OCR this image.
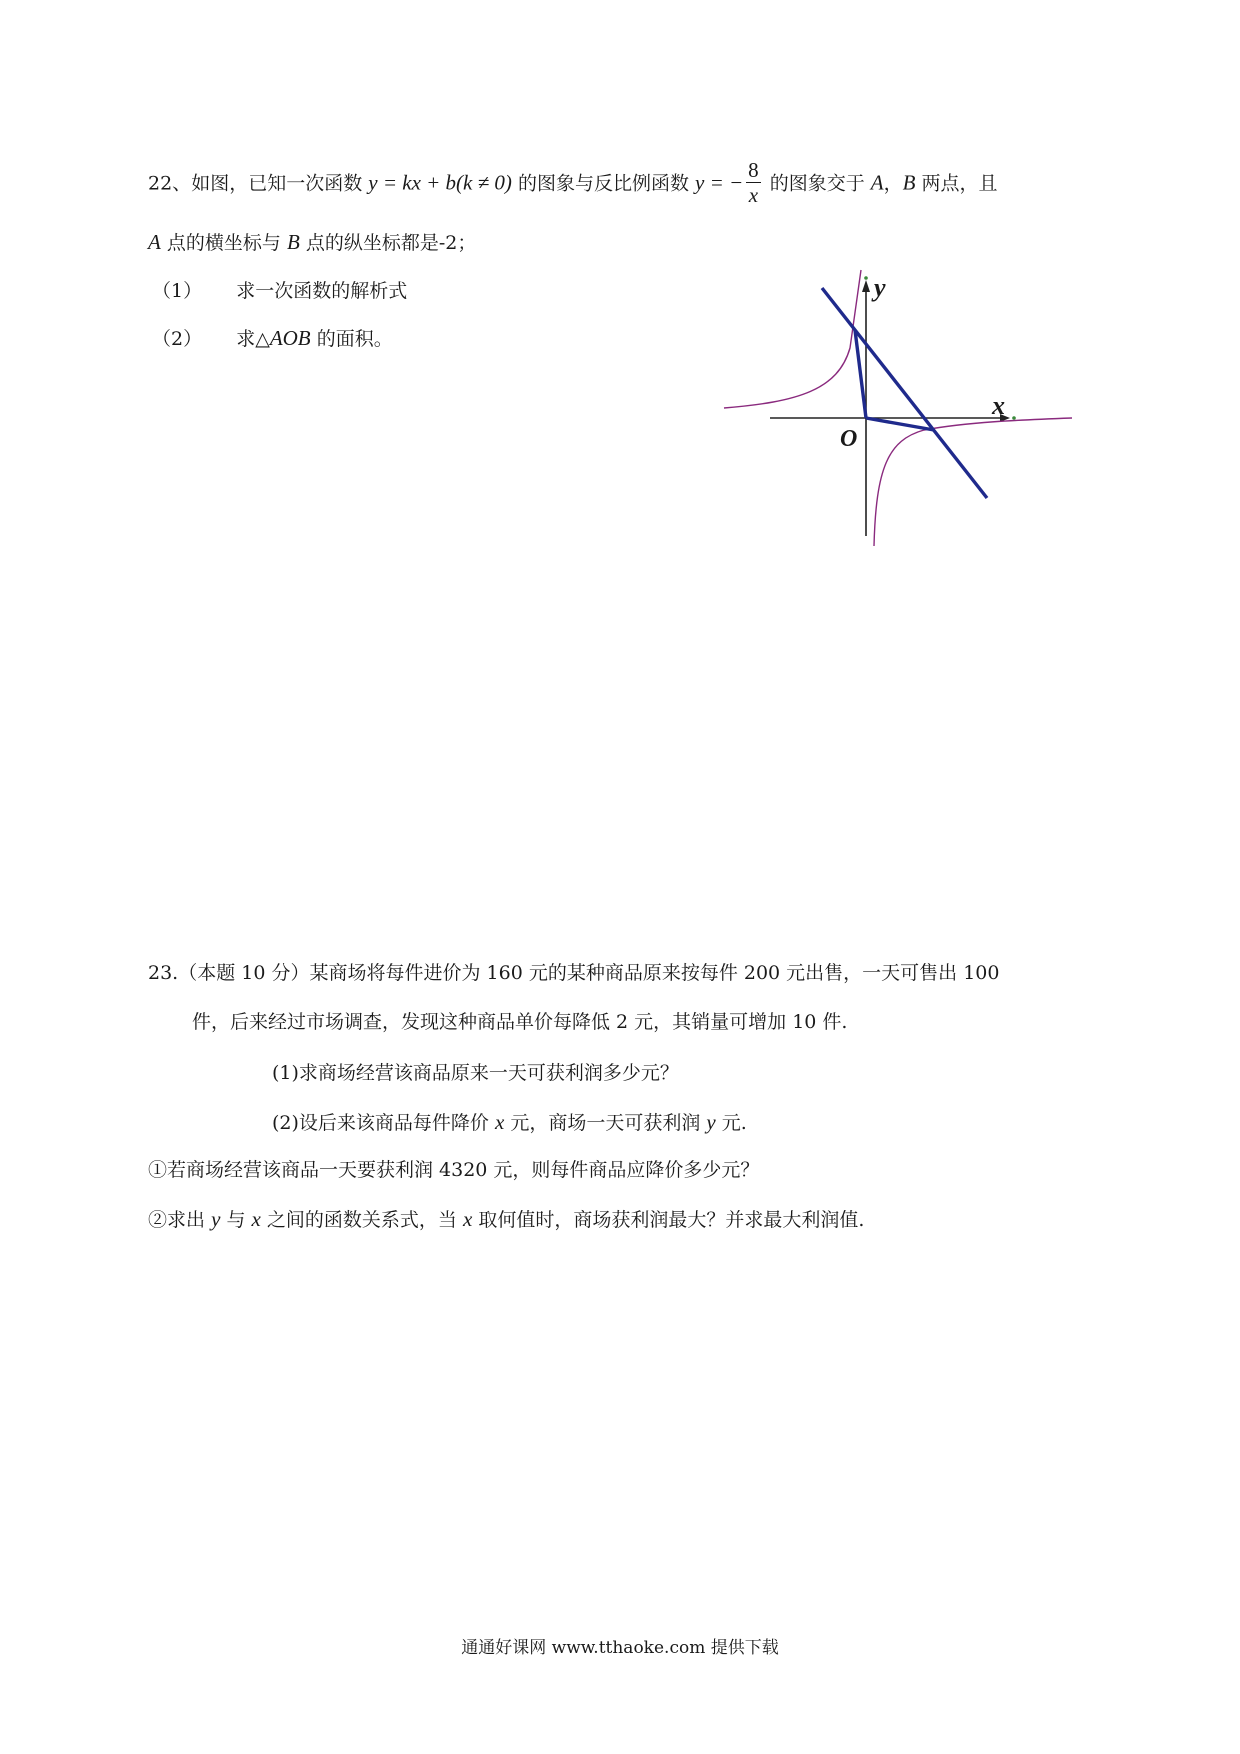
22、如图，已知一次函数 y = kx + b(k ≠ 0) 的图象与反比例函数 y = − $\frac{8}{x}$ 的图象交于 A，B 两点，且
A 点的横坐标与 B 点的纵坐标都是-2；
（1） 求一次函数的解析式
（2） 求△AOB 的面积。
y
x
O
23.（本题 10 分）某商场将每件进价为 160 元的某种商品原来按每件 200 元出售，一天可售出 100
件，后来经过市场调查，发现这种商品单价每降低 2 元，其销量可增加 10 件.
(1)求商场经营该商品原来一天可获利润多少元？
(2)设后来该商品每件降价 x 元，商场一天可获利润 y 元.
①若商场经营该商品一天要获利润 4320 元，则每件商品应降价多少元？
②求出 y 与 x 之间的函数关系式，当 x 取何值时，商场获利润最大？并求最大利润值.
通通好课网 www.tthaoke.com 提供下载
